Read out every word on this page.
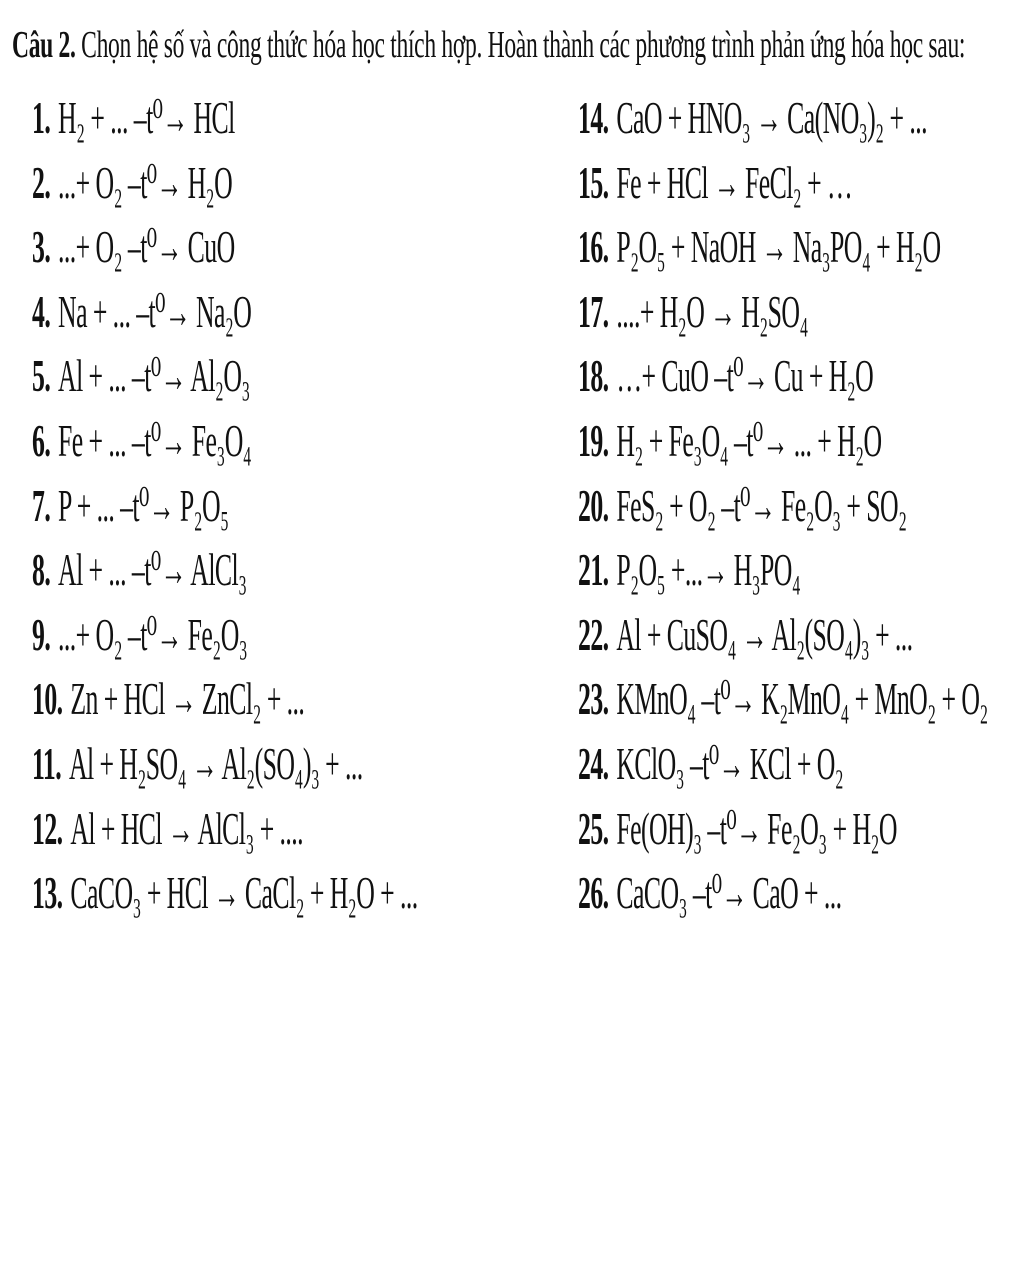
Câu 2. Chọn hệ số và công thức hóa học thích hợp. Hoàn thành các phương trình phản ứng hóa học sau:
1. H₂ + ... –t⁰→ HCl
2. ...+ O₂ –t⁰→ H₂O
3. ...+ O₂ –t⁰→ CuO
4. Na + ... –t⁰→ Na₂O
5. Al + ... –t⁰→ Al₂O₃
6. Fe + ... –t⁰→ Fe₃O₄
7. P + ... –t⁰→ P₂O₅
8. Al + ... –t⁰→ AlCl₃
9. ...+ O₂ –t⁰→ Fe₂O₃
10. Zn + HCl → ZnCl₂ + ...
11. Al + H₂SO₄ → Al₂(SO₄)₃ + ...
12. Al + HCl → AlCl₃ + ....
13. CaCO₃ + HCl → CaCl₂ + H₂O + ...
14. CaO + HNO₃ → Ca(NO₃)₂ + ...
15. Fe + HCl → FeCl₂ + …
16. P₂O₅ + NaOH → Na₃PO₄ + H₂O
17. ....+ H₂O → H₂SO₄
18. …+ CuO –t⁰→ Cu + H₂O
19. H₂ + Fe₃O₄ –t⁰→ ... + H₂O
20. FeS₂ + O₂ –t⁰→ Fe₂O₃ + SO₂
21. P₂O₅ +...→ H₃PO₄
22. Al + CuSO₄ → Al₂(SO₄)₃ + ...
23. KMnO₄ –t⁰→ K₂MnO₄ + MnO₂ + O₂
24. KClO₃ –t⁰→ KCl + O₂
25. Fe(OH)₃ –t⁰→ Fe₂O₃ + H₂O
26. CaCO₃ –t⁰→ CaO + ...
